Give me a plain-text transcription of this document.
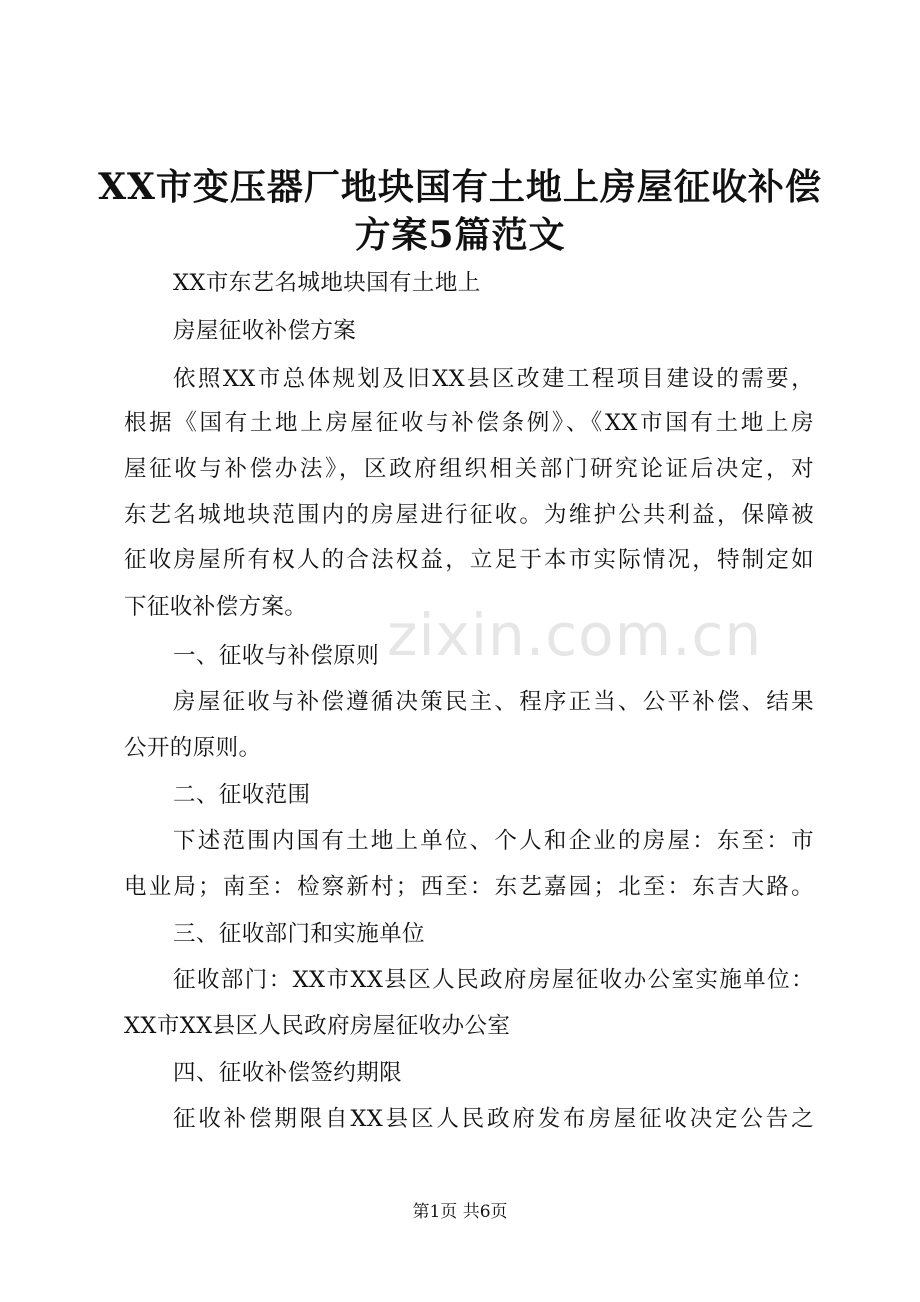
XX市变压器厂地块国有土地上房屋征收补偿
方案5篇范文
XX市东艺名城地块国有土地上
房屋征收补偿方案
依照XX市总体规划及旧XX县区改建工程项目建设的需要，
根据《国有土地上房屋征收与补偿条例》、《XX市国有土地上房
屋征收与补偿办法》，区政府组织相关部门研究论证后决定，对
东艺名城地块范围内的房屋进行征收。为维护公共利益，保障被
征收房屋所有权人的合法权益，立足于本市实际情况，特制定如
下征收补偿方案。
一、征收与补偿原则
房屋征收与补偿遵循决策民主、程序正当、公平补偿、结果
公开的原则。
二、征收范围
下述范围内国有土地上单位、个人和企业的房屋：东至：市
电业局；南至：检察新村；西至：东艺嘉园；北至：东吉大路。
三、征收部门和实施单位
征收部门：XX市XX县区人民政府房屋征收办公室实施单位：
XX市XX县区人民政府房屋征收办公室
四、征收补偿签约期限
征收补偿期限自XX县区人民政府发布房屋征收决定公告之
zixin.com.cn
第1页 共6页
